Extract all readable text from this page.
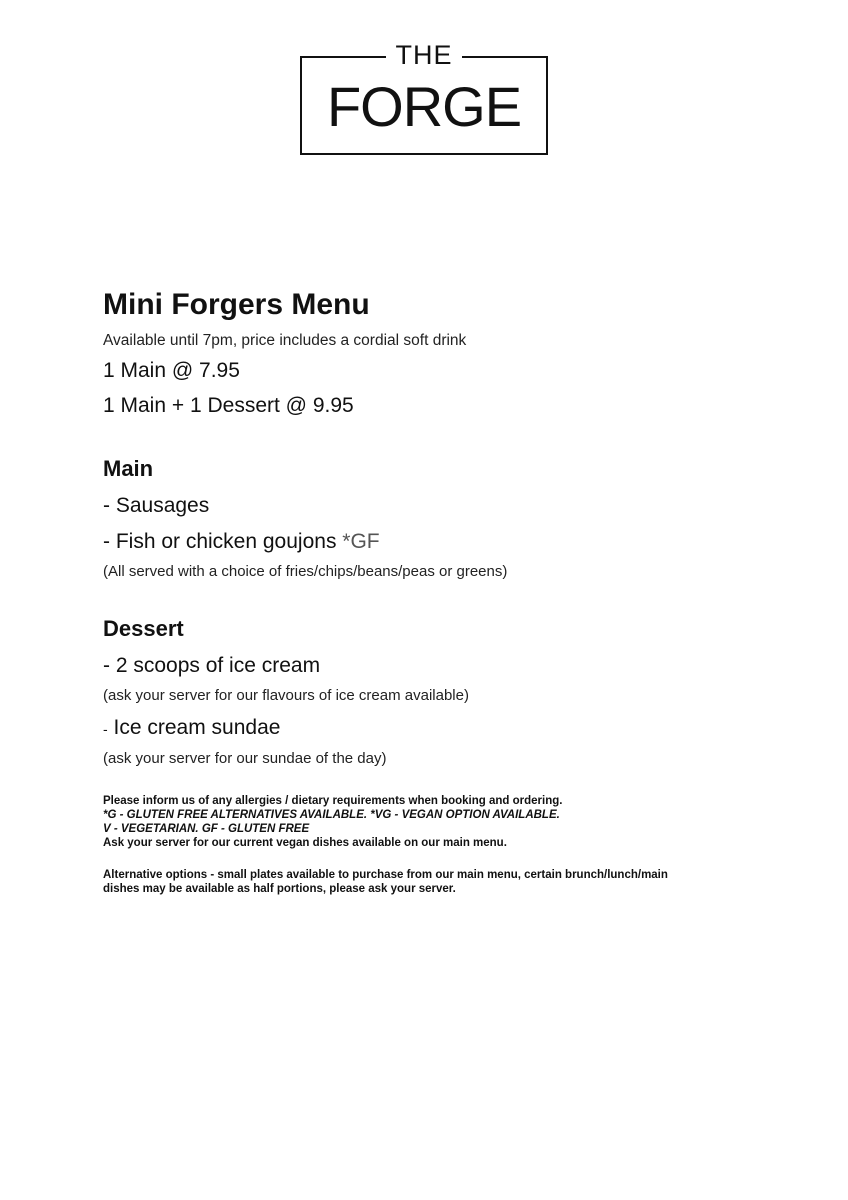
THE
FORGE
Mini Forgers Menu
Available until 7pm, price includes a cordial soft drink
1 Main @ 7.95
1 Main + 1 Dessert @ 9.95
Main
- Sausages
- Fish or chicken goujons *GF
(All served with a choice of fries/chips/beans/peas or greens)
Dessert
- 2 scoops of ice cream
(ask your server for our flavours of ice cream available)
- Ice cream sundae
(ask your server for our sundae of the day)

Please inform us of any allergies / dietary requirements when booking and ordering.

*G - GLUTEN FREE ALTERNATIVES AVAILABLE. *VG - VEGAN OPTION AVAILABLE.

V - VEGETARIAN. GF - GLUTEN FREE

Ask your server for our current vegan dishes available on our main menu.

Alternative options - small plates available to purchase from our main menu, certain brunch/lunch/main

dishes may be available as half portions, please ask your server.
